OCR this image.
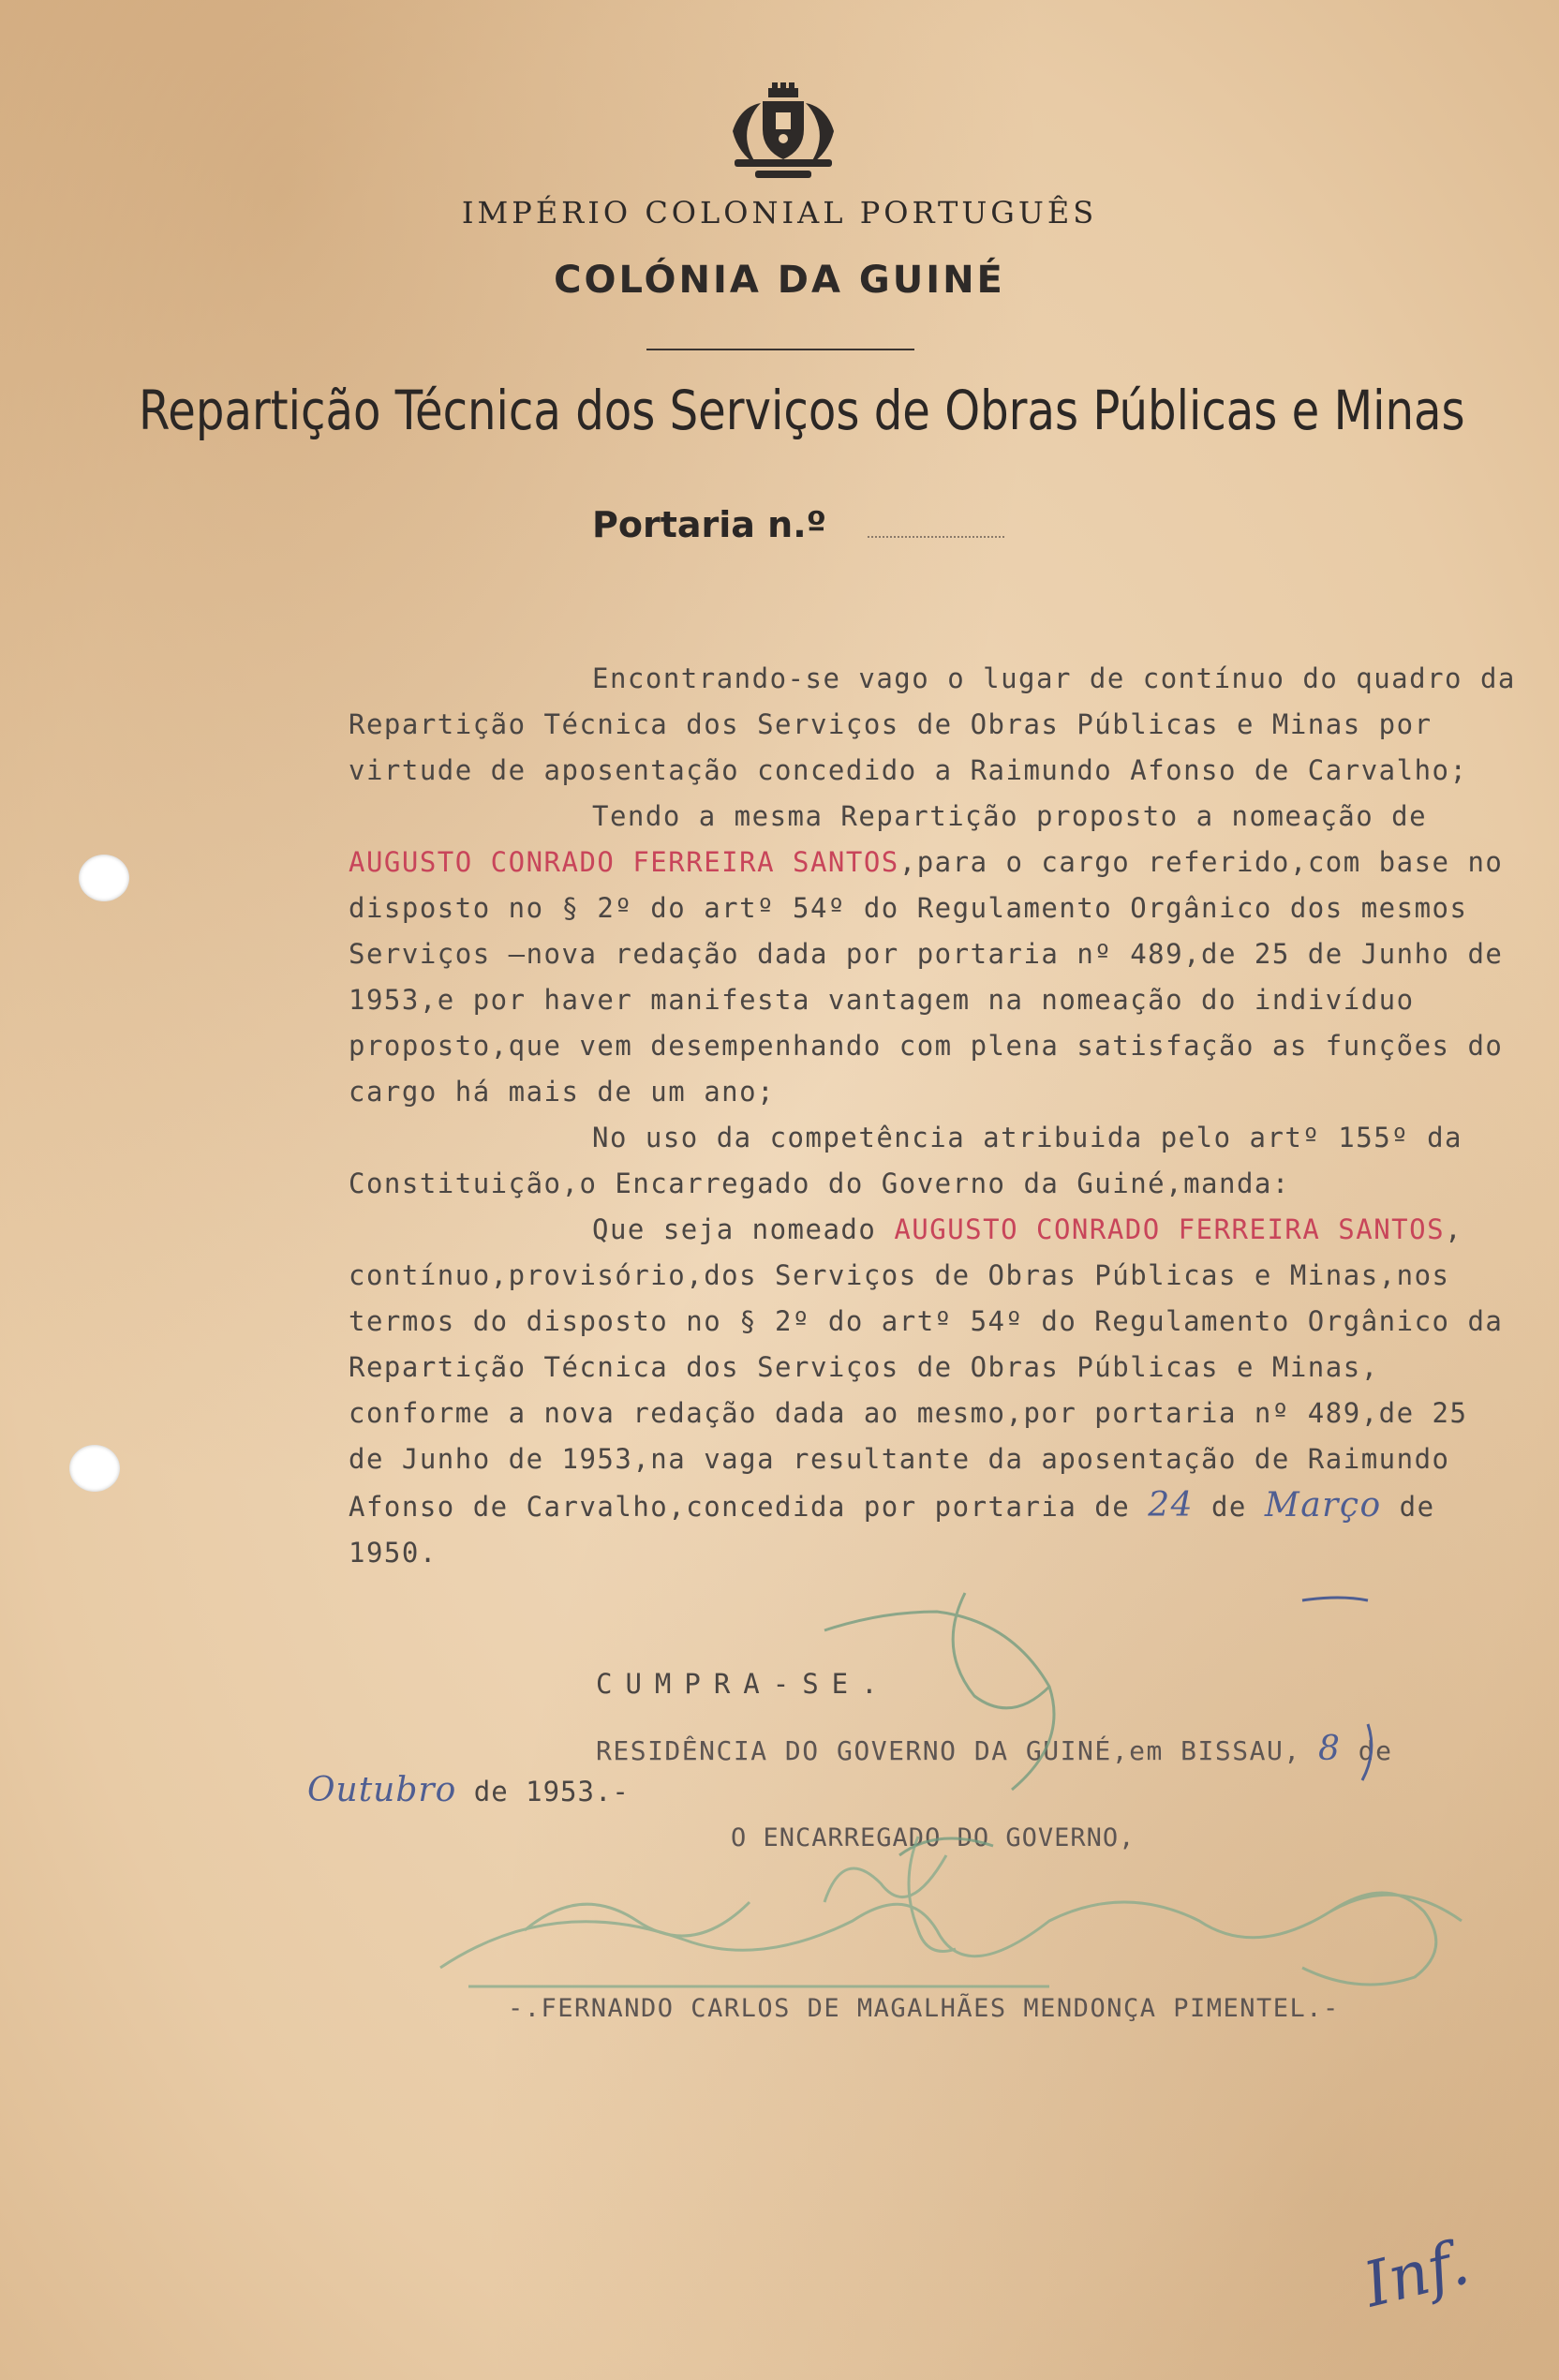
IMPÉRIO COLONIAL PORTUGUÊS
COLÓNIA DA GUINÉ
Repartição Técnica dos Serviços de Obras Públicas e Minas
Portaria n.º

Encontrando-se vago o lugar de contínuo do quadro da Repartição Técnica dos Serviços de Obras Públicas e Minas por virtude de aposentação concedido a Raimundo Afonso de Carvalho;

Tendo a mesma Repartição proposto a nomeação de AUGUSTO CONRADO FERREIRA SANTOS,para o cargo referido,com base no disposto no § 2º do artº 54º do Regulamento Orgânico dos mesmos Serviços —nova redação dada por portaria nº 489,de 25 de Junho de 1953,e por haver manifesta vantagem na nomeação do indivíduo proposto,que vem desempenhando com plena satisfação as funções do cargo há mais de um ano;

No uso da competência atribuida pelo artº 155º da Constituição,o Encarregado do Governo da Guiné,manda:

Que seja nomeado AUGUSTO CONRADO FERREIRA SANTOS, contínuo,provisório,dos Serviços de Obras Públicas e Minas,nos termos do disposto no § 2º do artº 54º do Regulamento Orgânico da Repartição Técnica dos Serviços de Obras Públicas e Minas, conforme a nova redação dada ao mesmo,por portaria nº 489,de 25 de Junho de 1953,na vaga resultante da aposentação de Raimundo Afonso de Carvalho,concedida por portaria de 24 de Março de 1950.

CUMPRA-SE.
RESIDÊNCIA DO GOVERNO DA GUINÉ,em BISSAU, 8 de
Outubro de 1953.-
O ENCARREGADO DO GOVERNO,
-.FERNANDO CARLOS DE MAGALHÃES MENDONÇA PIMENTEL.-
Inf.
